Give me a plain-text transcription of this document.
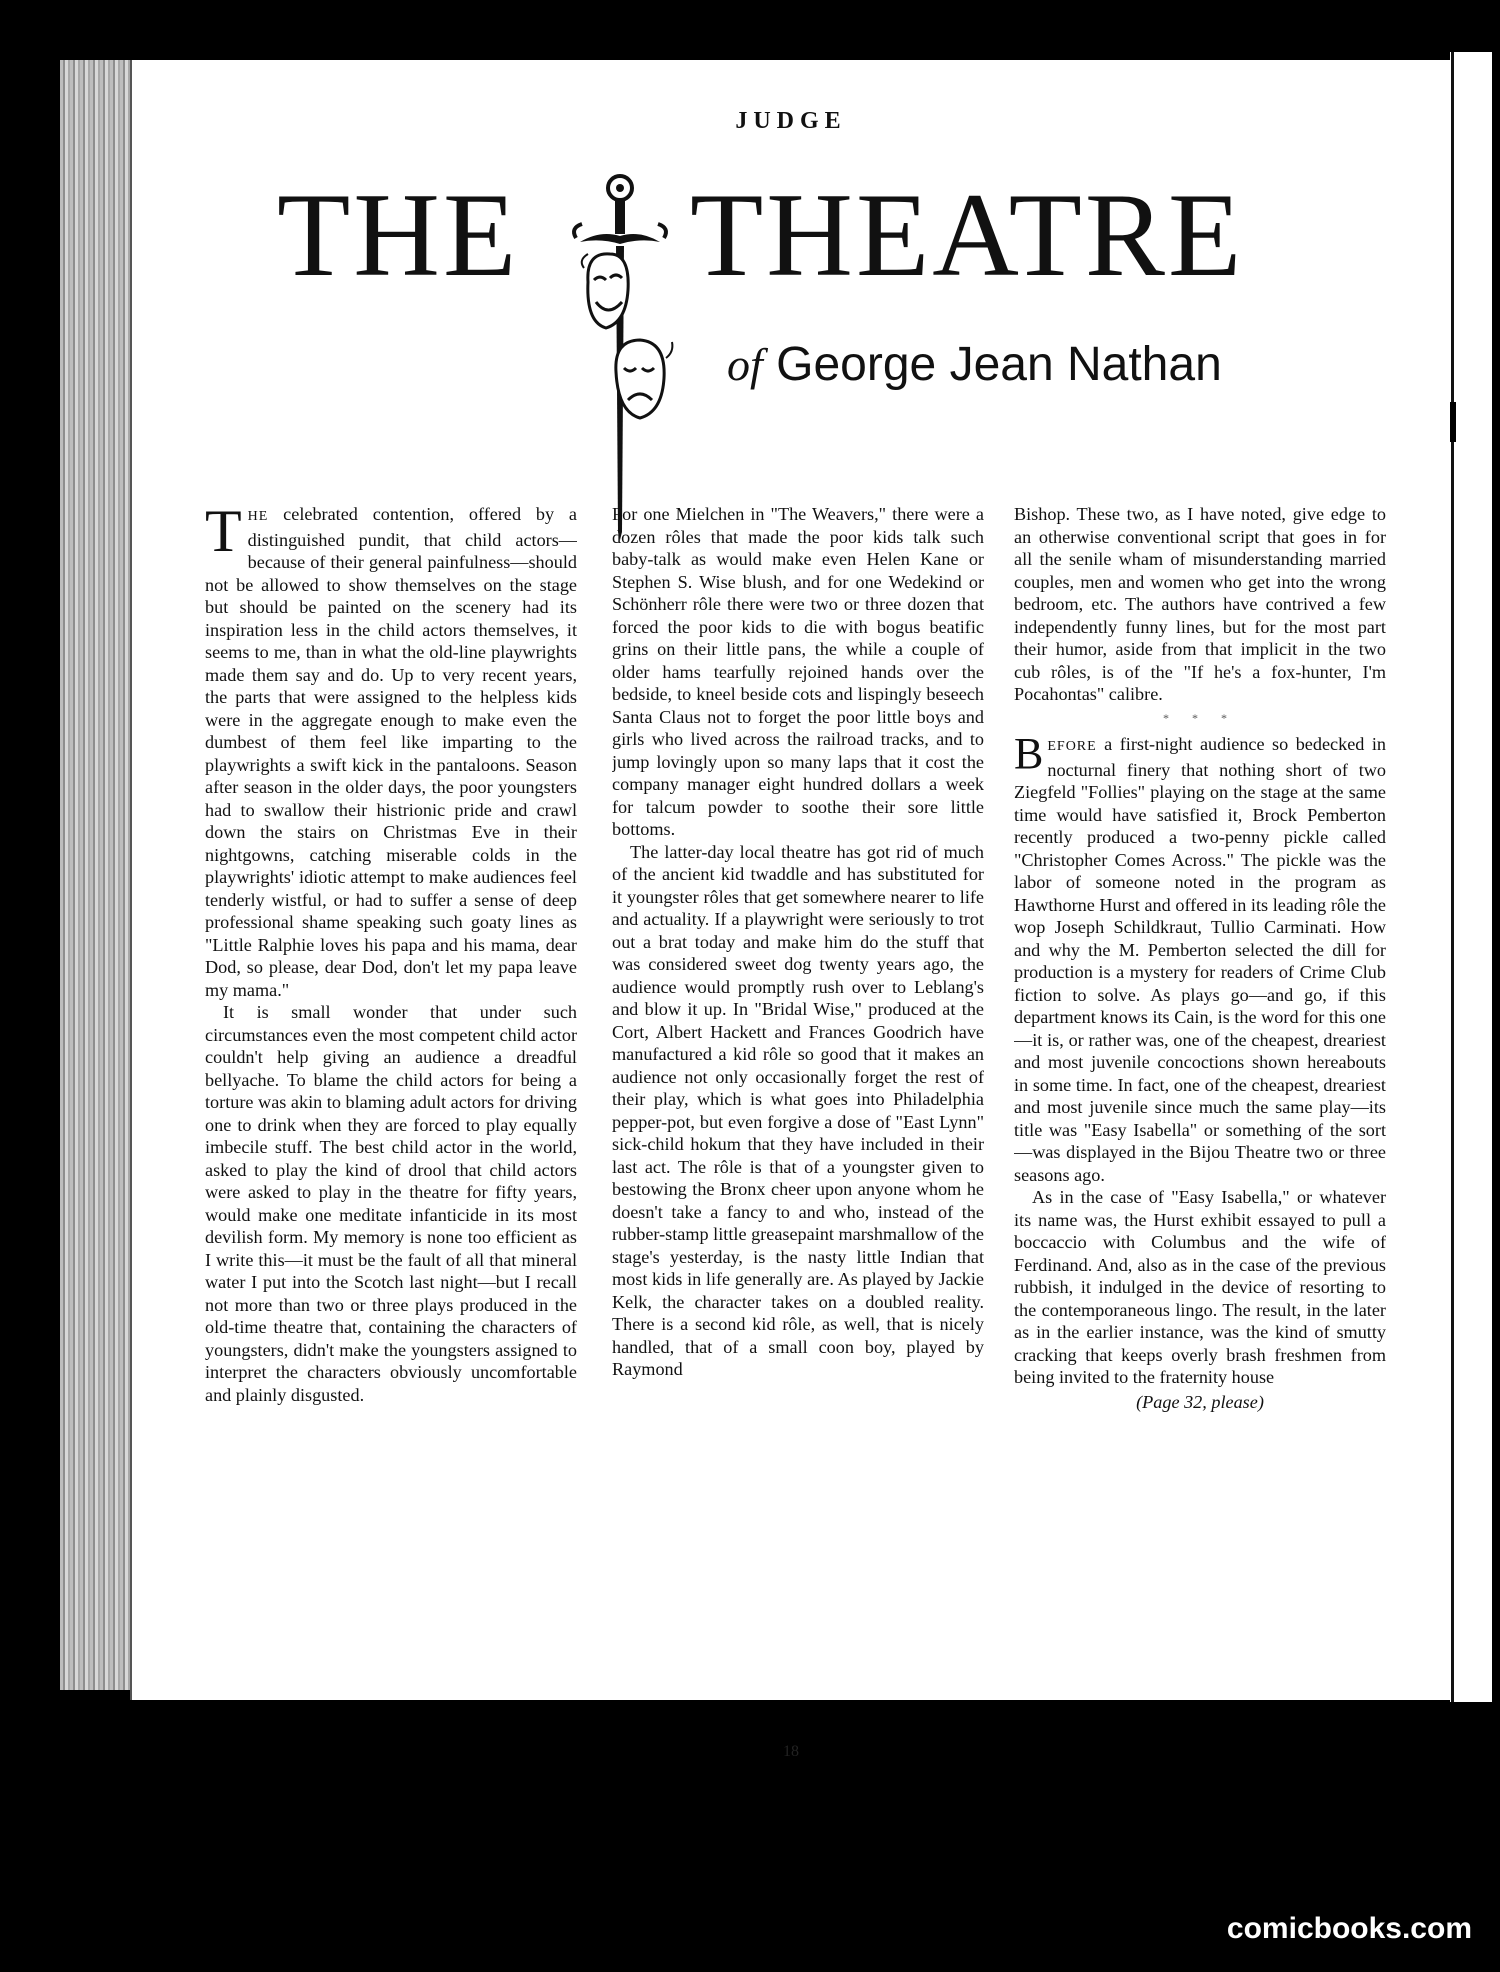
JUDGE
THE THEATRE
of George Jean Nathan

THE celebrated contention, offered by a distinguished pundit, that child actors—because of their general painfulness—should not be allowed to show themselves on the stage but should be painted on the scenery had its inspiration less in the child actors themselves, it seems to me, than in what the old-line playwrights made them say and do. Up to very recent years, the parts that were assigned to the helpless kids were in the aggregate enough to make even the dumbest of them feel like imparting to the playwrights a swift kick in the pantaloons. Season after season in the older days, the poor youngsters had to swallow their histrionic pride and crawl down the stairs on Christmas Eve in their nightgowns, catching miserable colds in the playwrights' idiotic attempt to make audiences feel tenderly wistful, or had to suffer a sense of deep professional shame speaking such goaty lines as "Little Ralphie loves his papa and his mama, dear Dod, so please, dear Dod, don't let my papa leave my mama."

It is small wonder that under such circumstances even the most competent child actor couldn't help giving an audience a dreadful bellyache. To blame the child actors for being a torture was akin to blaming adult actors for driving one to drink when they are forced to play equally imbecile stuff. The best child actor in the world, asked to play the kind of drool that child actors were asked to play in the theatre for fifty years, would make one meditate infanticide in its most devilish form. My memory is none too efficient as I write this—it must be the fault of all that mineral water I put into the Scotch last night—but I recall not more than two or three plays produced in the old-time theatre that, containing the characters of youngsters, didn't make the youngsters assigned to interpret the characters obviously uncomfortable and plainly disgusted.

For one Mielchen in "The Weavers," there were a dozen rôles that made the poor kids talk such baby-talk as would make even Helen Kane or Stephen S. Wise blush, and for one Wedekind or Schönherr rôle there were two or three dozen that forced the poor kids to die with bogus beatific grins on their little pans, the while a couple of older hams tearfully rejoined hands over the bedside, to kneel beside cots and lispingly beseech Santa Claus not to forget the poor little boys and girls who lived across the railroad tracks, and to jump lovingly upon so many laps that it cost the company manager eight hundred dollars a week for talcum powder to soothe their sore little bottoms.

The latter-day local theatre has got rid of much of the ancient kid twaddle and has substituted for it youngster rôles that get somewhere nearer to life and actuality. If a playwright were seriously to trot out a brat today and make him do the stuff that was considered sweet dog twenty years ago, the audience would promptly rush over to Leblang's and blow it up. In "Bridal Wise," produced at the Cort, Albert Hackett and Frances Goodrich have manufactured a kid rôle so good that it makes an audience not only occasionally forget the rest of their play, which is what goes into Philadelphia pepper-pot, but even forgive a dose of "East Lynn" sick-child hokum that they have included in their last act. The rôle is that of a youngster given to bestowing the Bronx cheer upon anyone whom he doesn't take a fancy to and who, instead of the rubber-stamp little greasepaint marshmallow of the stage's yesterday, is the nasty little Indian that most kids in life generally are. As played by Jackie Kelk, the character takes on a doubled reality. There is a second kid rôle, as well, that is nicely handled, that of a small coon boy, played by Raymond

Bishop. These two, as I have noted, give edge to an otherwise conventional script that goes in for all the senile wham of misunderstanding married couples, men and women who get into the wrong bedroom, etc. The authors have contrived a few independently funny lines, but for the most part their humor, aside from that implicit in the two cub rôles, is of the "If he's a fox-hunter, I'm Pocahontas" calibre.

* * *

BEFORE a first-night audience so bedecked in nocturnal finery that nothing short of two Ziegfeld "Follies" playing on the stage at the same time would have satisfied it, Brock Pemberton recently produced a two-penny pickle called "Christopher Comes Across." The pickle was the labor of someone noted in the program as Hawthorne Hurst and offered in its leading rôle the wop Joseph Schildkraut, Tullio Carminati. How and why the M. Pemberton selected the dill for production is a mystery for readers of Crime Club fiction to solve. As plays go—and go, if this department knows its Cain, is the word for this one—it is, or rather was, one of the cheapest, dreariest and most juvenile concoctions shown hereabouts in some time. In fact, one of the cheapest, dreariest and most juvenile since much the same play—its title was "Easy Isabella" or something of the sort—was displayed in the Bijou Theatre two or three seasons ago.

As in the case of "Easy Isabella," or whatever its name was, the Hurst exhibit essayed to pull a boccaccio with Columbus and the wife of Ferdinand. And, also as in the case of the previous rubbish, it indulged in the device of resorting to the contemporaneous lingo. The result, in the later as in the earlier instance, was the kind of smutty cracking that keeps overly brash freshmen from being invited to the fraternity house

(Page 32, please)
18
comicbooks.com
